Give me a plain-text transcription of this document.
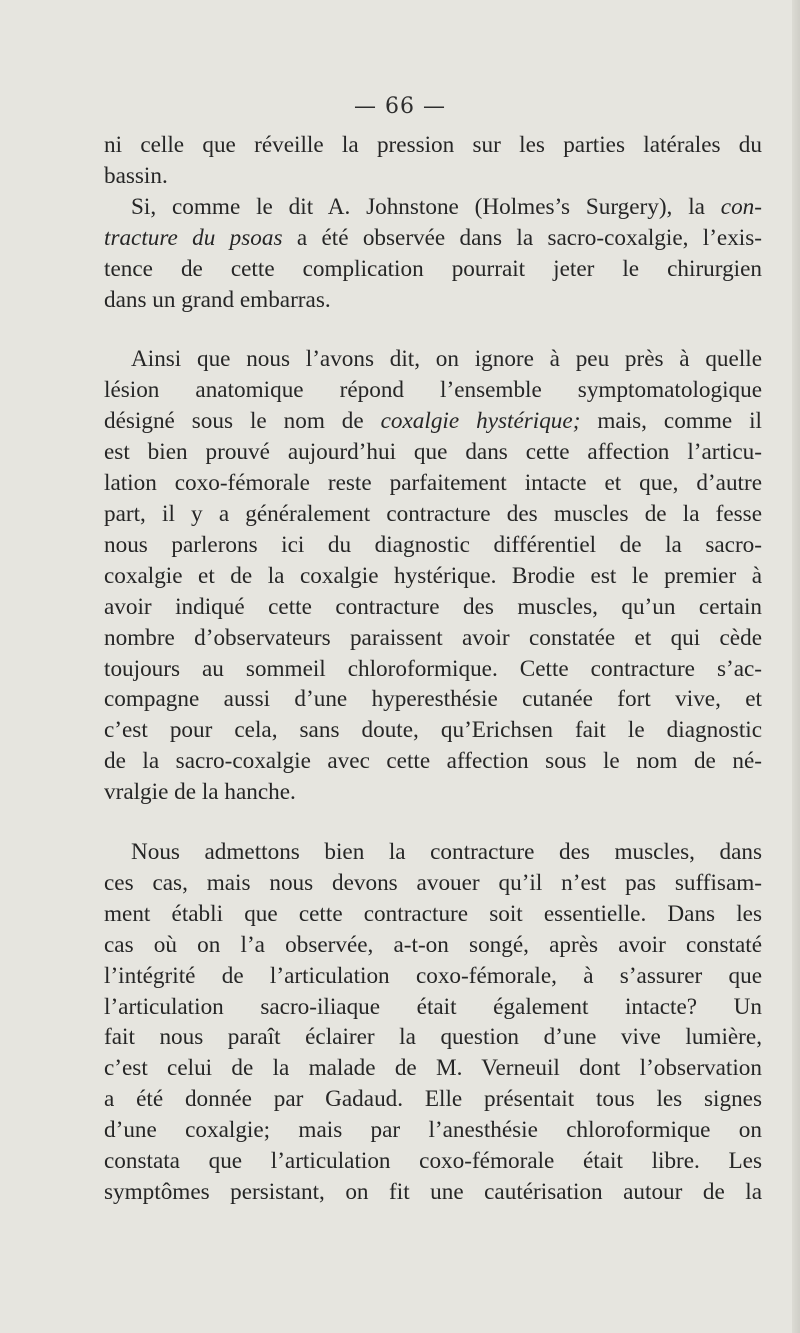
— 66 —

ni celle que réveille la pression sur les parties latérales du
bassin.

Si, comme le dit A. Johnstone (Holmes’s Surgery), la con-
tracture du psoas a été observée dans la sacro-coxalgie, l’exis-
tence de cette complication pourrait jeter le chirurgien
dans un grand embarras.

Ainsi que nous l’avons dit, on ignore à peu près à quelle
lésion anatomique répond l’ensemble symptomatologique
désigné sous le nom de coxalgie hystérique; mais, comme il
est bien prouvé aujourd’hui que dans cette affection l’articu-
lation coxo-fémorale reste parfaitement intacte et que, d’autre
part, il y a généralement contracture des muscles de la fesse
nous parlerons ici du diagnostic différentiel de la sacro-
coxalgie et de la coxalgie hystérique. Brodie est le premier à
avoir indiqué cette contracture des muscles, qu’un certain
nombre d’observateurs paraissent avoir constatée et qui cède
toujours au sommeil chloroformique. Cette contracture s’ac-
compagne aussi d’une hyperesthésie cutanée fort vive, et
c’est pour cela, sans doute, qu’Erichsen fait le diagnostic
de la sacro-coxalgie avec cette affection sous le nom de né-
vralgie de la hanche.

Nous admettons bien la contracture des muscles, dans
ces cas, mais nous devons avouer qu’il n’est pas suffisam-
ment établi que cette contracture soit essentielle. Dans les
cas où on l’a observée, a-t-on songé, après avoir constaté
l’intégrité de l’articulation coxo-fémorale, à s’assurer que
l’articulation sacro-iliaque était également intacte? Un
fait nous paraît éclairer la question d’une vive lumière,
c’est celui de la malade de M. Verneuil dont l’observation
a été donnée par Gadaud. Elle présentait tous les signes
d’une coxalgie; mais par l’anesthésie chloroformique on
constata que l’articulation coxo-fémorale était libre. Les
symptômes persistant, on fit une cautérisation autour de la
